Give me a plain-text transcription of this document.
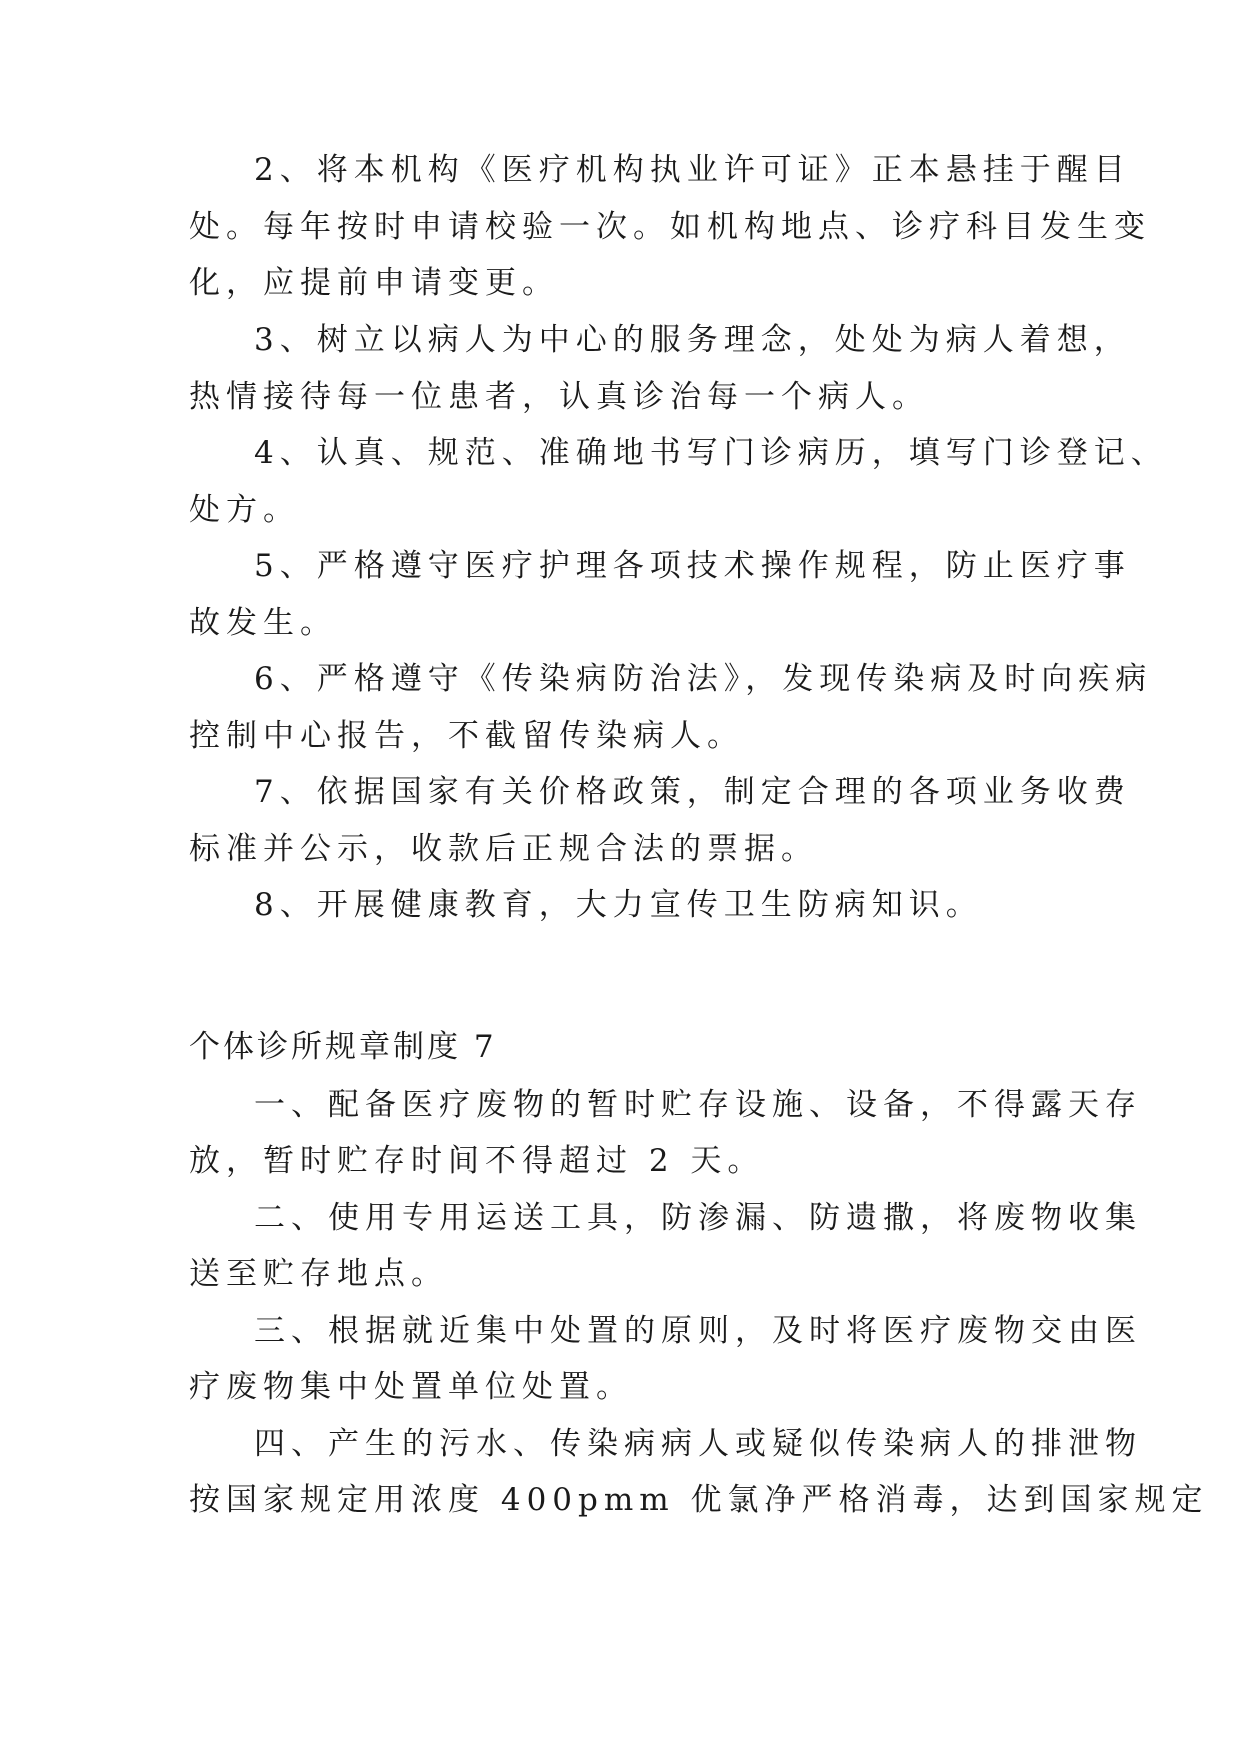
2、将本机构《医疗机构执业许可证》正本悬挂于醒目
处。每年按时申请校验一次。如机构地点、诊疗科目发生变
化，应提前申请变更。
3、树立以病人为中心的服务理念，处处为病人着想，
热情接待每一位患者，认真诊治每一个病人。
4、认真、规范、准确地书写门诊病历，填写门诊登记、
处方。
5、严格遵守医疗护理各项技术操作规程，防止医疗事
故发生。
6、严格遵守《传染病防治法》，发现传染病及时向疾病
控制中心报告，不截留传染病人。
7、依据国家有关价格政策，制定合理的各项业务收费
标准并公示，收款后正规合法的票据。
8、开展健康教育，大力宣传卫生防病知识。
个体诊所规章制度 7
一、配备医疗废物的暂时贮存设施、设备，不得露天存
放，暂时贮存时间不得超过 2 天。
二、使用专用运送工具，防渗漏、防遗撒，将废物收集
送至贮存地点。
三、根据就近集中处置的原则，及时将医疗废物交由医
疗废物集中处置单位处置。
四、产生的污水、传染病病人或疑似传染病人的排泄物
按国家规定用浓度 400pmm 优氯净严格消毒，达到国家规定
